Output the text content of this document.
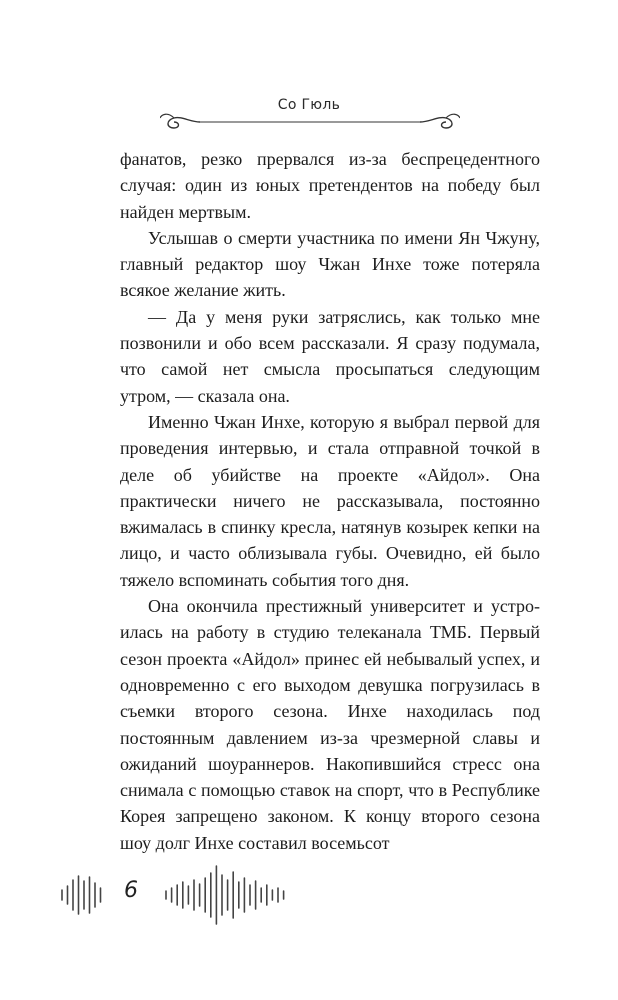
Со Гюль

фанатов, резко прервался из-за беспрецедентного случая: один из юных претендентов на победу был найден мертвым.

Услышав о смерти участника по имени Ян Чжуну, главный редактор шоу Чжан Инхе тоже потеряла всякое желание жить.

— Да у меня руки затряслись, как только мне позвонили и обо всем рассказали. Я сразу подумала, что самой нет смысла просыпаться следующим утром, — сказала она.

Именно Чжан Инхе, которую я выбрал первой для проведения интервью, и стала отправной точкой в деле об убийстве на проекте «Айдол». Она практически ничего не рассказывала, постоянно вжималась в спинку кресла, натянув козырек кепки на лицо, и часто облизывала губы. Очевидно, ей было тяжело вспоминать события того дня.

Она окончила престижный университет и устроилась на работу в студию телеканала ТМБ. Первый сезон проекта «Айдол» принес ей небывалый успех, и одновременно с его выходом девушка погрузилась в съемки второго сезона. Инхе находилась под постоянным давлением из-за чрезмерной славы и ожиданий шоураннеров. Накопившийся стресс она снимала с помощью ставок на спорт, что в Республике Корея запрещено законом. К концу второго сезона шоу долг Инхе составил восемьсот

6
